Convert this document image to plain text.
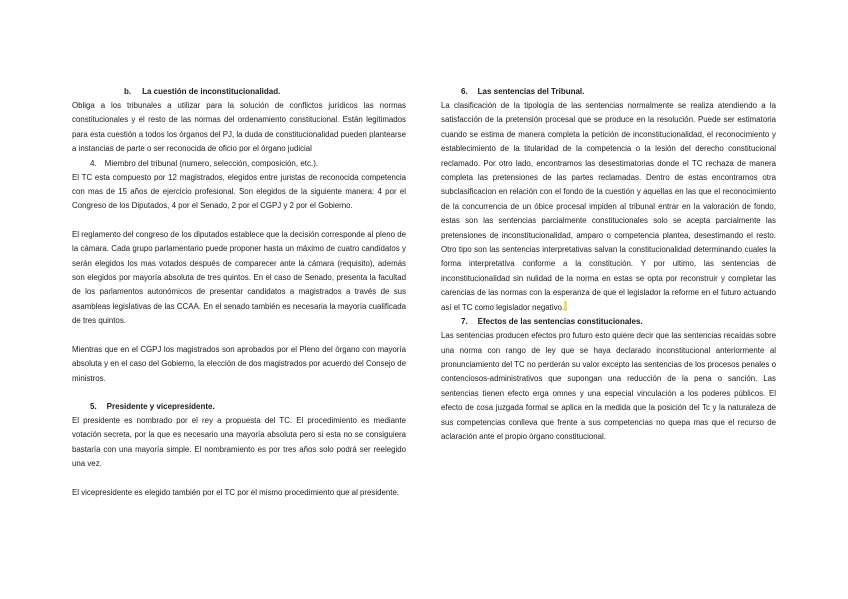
b. La cuestión de inconstitucionalidad.

Obliga a los tribunales a utilizar para la solución de conflictos jurídicos las normas constitucionales y el resto de las normas del ordenamiento constitucional. Están legitimados para esta cuestión a todos los órganos del PJ, la duda de constitucionalidad pueden plantearse a instancias de parte o ser reconocida de oficio por el órgano judicial

4. Miembro del tribunal (numero, selección, composición, etc.).

El TC esta compuesto por 12 magistrados, elegidos entre juristas de reconocida competencia con mas de 15 años de ejercicio profesional. Son elegidos de la siguiente manera: 4 por el Congreso de los Diputados, 4 por el Senado, 2 por el CGPJ y 2 por el Gobierno.

El reglamento del congreso de los diputados establece que la decisión corresponde al pleno de la cámara. Cada grupo parlamentario puede proponer hasta un máximo de cuatro candidatos y serán elegidos los mas votados después de comparecer ante la cámara (requisito), además son elegidos por mayoría absoluta de tres quintos. En el caso de Senado, presenta la facultad de los parlamentos autonómicos de presentar candidatos a magistrados a través de sus asambleas legislativas de las CCAA. En el senado también es necesaria la mayoría cualificada de tres quintos.

Mientras que en el CGPJ los magistrados son aprobados por el Pleno del órgano con mayoría absoluta y en el caso del Gobierno, la elección de dos magistrados por acuerdo del Consejo de ministros.

5. Presidente y vicepresidente.

El presidente es nombrado por el rey a propuesta del TC. El procedimiento es mediante votación secreta, por la que es necesario una mayoría absoluta pero si esta no se consiguiera bastaría con una mayoría simple. El nombramiento es por tres años solo podrá ser reelegido una vez.

El vicepresidente es elegido también por el TC por el mismo procedimiento que al presidente.

6. Las sentencias del Tribunal.

La clasificación de la tipología de las sentencias normalmente se realiza atendiendo a la satisfacción de la pretensión procesal que se produce en la resolución. Puede ser estimatoria cuando se estima de manera completa la petición de inconstitucionalidad, el reconocimiento y establecimiento de la titularidad de la competencia o la lesión del derecho constitucional reclamado. Por otro lado, encontramos las desestimatorias donde el TC rechaza de manera completa las pretensiones de las partes reclamadas. Dentro de estas encontramos otra subclasificacion en relación con el fondo de la cuestión y aquellas en las que el reconocimiento de la concurrencia de un óbice procesal impiden al tribunal entrar en la valoración de fondo, estas son las sentencias parcialmente constitucionales solo se acepta parcialmente las pretensiones de inconstitucionalidad, amparo o competencia plantea, desestimando el resto. Otro tipo son las sentencias interpretativas salvan la constitucionalidad determinando cuales la forma interpretativa conforme a la constitución. Y por ultimo, las sentencias de inconstitucionalidad sin nulidad de la norma en estas se opta por reconstruir y completar las carencias de las normas con la esperanza de que el legislador la reforme en el futuro actuando así el TC como legislador negativo.

7. Efectos de las sentencias constitucionales.

Las sentencias producen efectos pro futuro esto quiere decir que las sentencias recaídas sobre una norma con rango de ley que se haya declarado inconstitucional anteriormente al pronunciamiento del TC no perderán su valor excepto las sentencias de los procesos penales o contenciosos-administrativos que supongan una reducción de la pena o sanción. Las sentencias tienen efecto erga omnes y una especial vinculación a los poderes públicos. El efecto de cosa juzgada formal se aplica en la medida que la posición del Tc y la naturaleza de sus competencias conlleva que frente a sus competencias no quepa mas que el recurso de aclaración ante el propio órgano constitucional.
